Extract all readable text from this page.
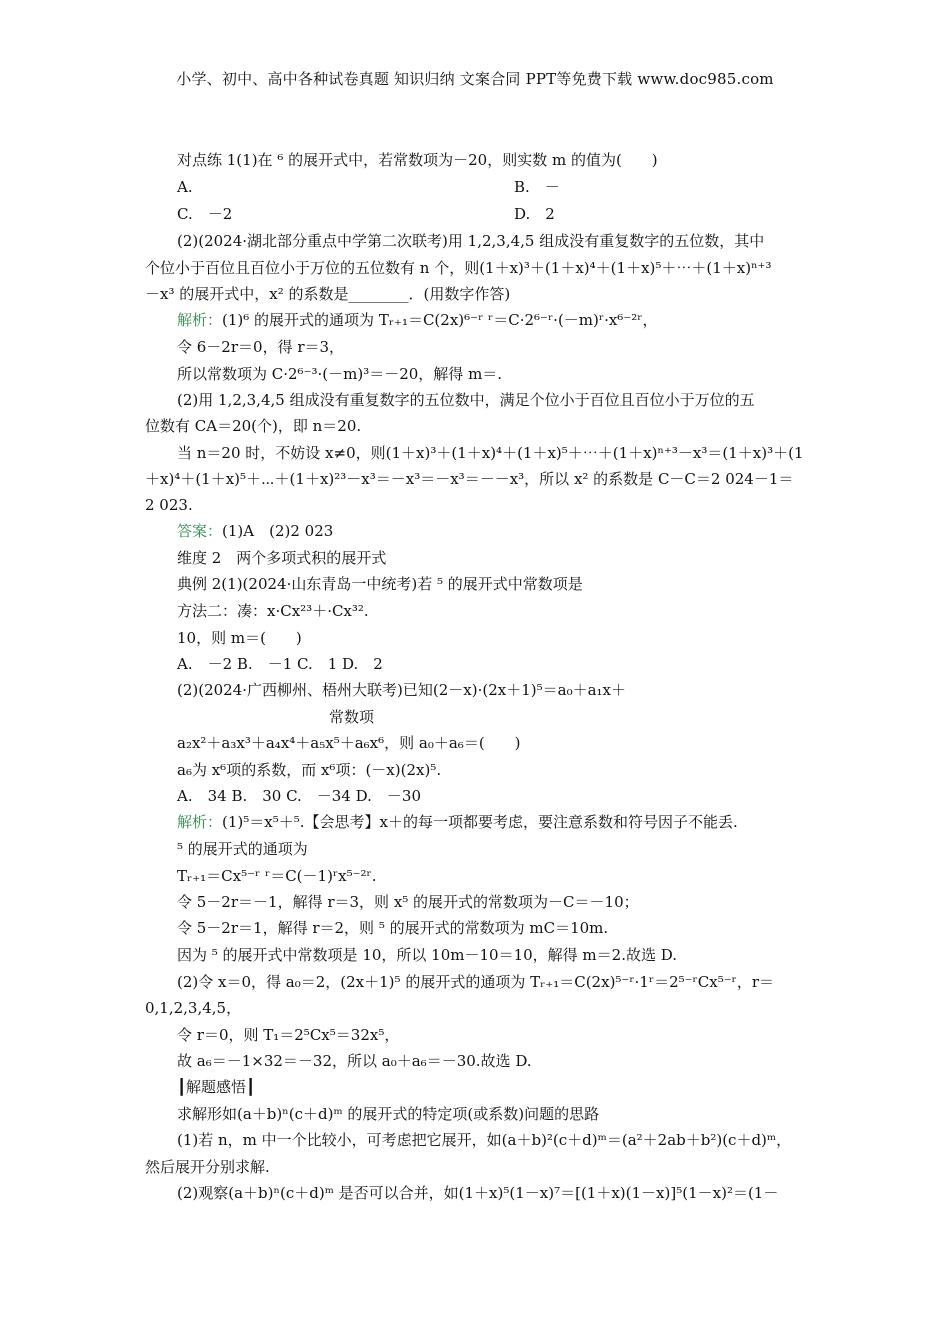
小学、初中、高中各种试卷真题 知识归纳 文案合同 PPT等免费下载 www.doc985.com
对点练 1(1)在 ⁶ 的展开式中，若常数项为－20，则实数 m 的值为(　　)
A.	B.　－
C.　－2	D.　2
(2)(2024·湖北部分重点中学第二次联考)用 1,2,3,4,5 组成没有重复数字的五位数，其中
个位小于百位且百位小于万位的五位数有 n 个，则(1＋x)³＋(1＋x)⁴＋(1＋x)⁵＋⋯＋(1＋x)ⁿ⁺³
－x³ 的展开式中，x² 的系数是________．(用数字作答)
解析：(1)⁶ 的展开式的通项为 Tᵣ₊₁＝C(2x)⁶⁻ʳ ʳ＝C·2⁶⁻ʳ·(－m)ʳ·x⁶⁻²ʳ，
令 6－2r＝0，得 r＝3，
所以常数项为 C·2⁶⁻³·(－m)³＝－20，解得 m＝.
(2)用 1,2,3,4,5 组成没有重复数字的五位数中，满足个位小于百位且百位小于万位的五
位数有 CA＝20(个)，即 n＝20.
当 n＝20 时，不妨设 x≠0，则(1＋x)³＋(1＋x)⁴＋(1＋x)⁵＋⋯＋(1＋x)ⁿ⁺³－x³＝(1＋x)³＋(1
＋x)⁴＋(1＋x)⁵＋⋯＋(1＋x)²³－x³＝－x³＝－x³＝－－x³，所以 x² 的系数是 C－C＝2 024－1＝
2 023.
答案：(1)A　(2)2 023
维度 2　两个多项式积的展开式
典例 2(1)(2024·山东青岛一中统考)若 ⁵ 的展开式中常数项是
方法二：凑：x·Cx²³＋·Cx³².
10，则 m＝(　　)
A.　－2 B.　－1 C.　1 D.　2
(2)(2024·广西柳州、梧州大联考)已知(2－x)·(2x＋1)⁵＝a₀＋a₁x＋
常数项
a₂x²＋a₃x³＋a₄x⁴＋a₅x⁵＋a₆x⁶，则 a₀＋a₆＝(　　)
a₆为 x⁶项的系数，而 x⁶项：(－x)(2x)⁵.
A.　34 B.　30 C.　－34 D.　－30
解析：(1)⁵＝x⁵＋⁵.【会思考】x＋的每一项都要考虑，要注意系数和符号因子不能丢.
⁵ 的展开式的通项为
Tᵣ₊₁＝Cx⁵⁻ʳ ʳ＝C(－1)ʳx⁵⁻²ʳ.
令 5－2r＝－1，解得 r＝3，则 x⁵ 的展开式的常数项为－C＝－10；
令 5－2r＝1，解得 r＝2，则 ⁵ 的展开式的常数项为 mC＝10m.
因为 ⁵ 的展开式中常数项是 10，所以 10m－10＝10，解得 m＝2.故选 D.
(2)令 x＝0，得 a₀＝2，(2x＋1)⁵ 的展开式的通项为 Tᵣ₊₁＝C(2x)⁵⁻ʳ·1ʳ＝2⁵⁻ʳCx⁵⁻ʳ，r＝
0,1,2,3,4,5，
令 r＝0，则 T₁＝2⁵Cx⁵＝32x⁵，
故 a₆＝－1×32＝－32，所以 a₀＋a₆＝－30.故选 D.
┃解题感悟┃
求解形如(a＋b)ⁿ(c＋d)ᵐ 的展开式的特定项(或系数)问题的思路
(1)若 n，m 中一个比较小，可考虑把它展开，如(a＋b)²(c＋d)ᵐ＝(a²＋2ab＋b²)(c＋d)ᵐ，
然后展开分别求解.
(2)观察(a＋b)ⁿ(c＋d)ᵐ 是否可以合并，如(1＋x)⁵(1－x)⁷＝[(1＋x)(1－x)]⁵(1－x)²＝(1－
